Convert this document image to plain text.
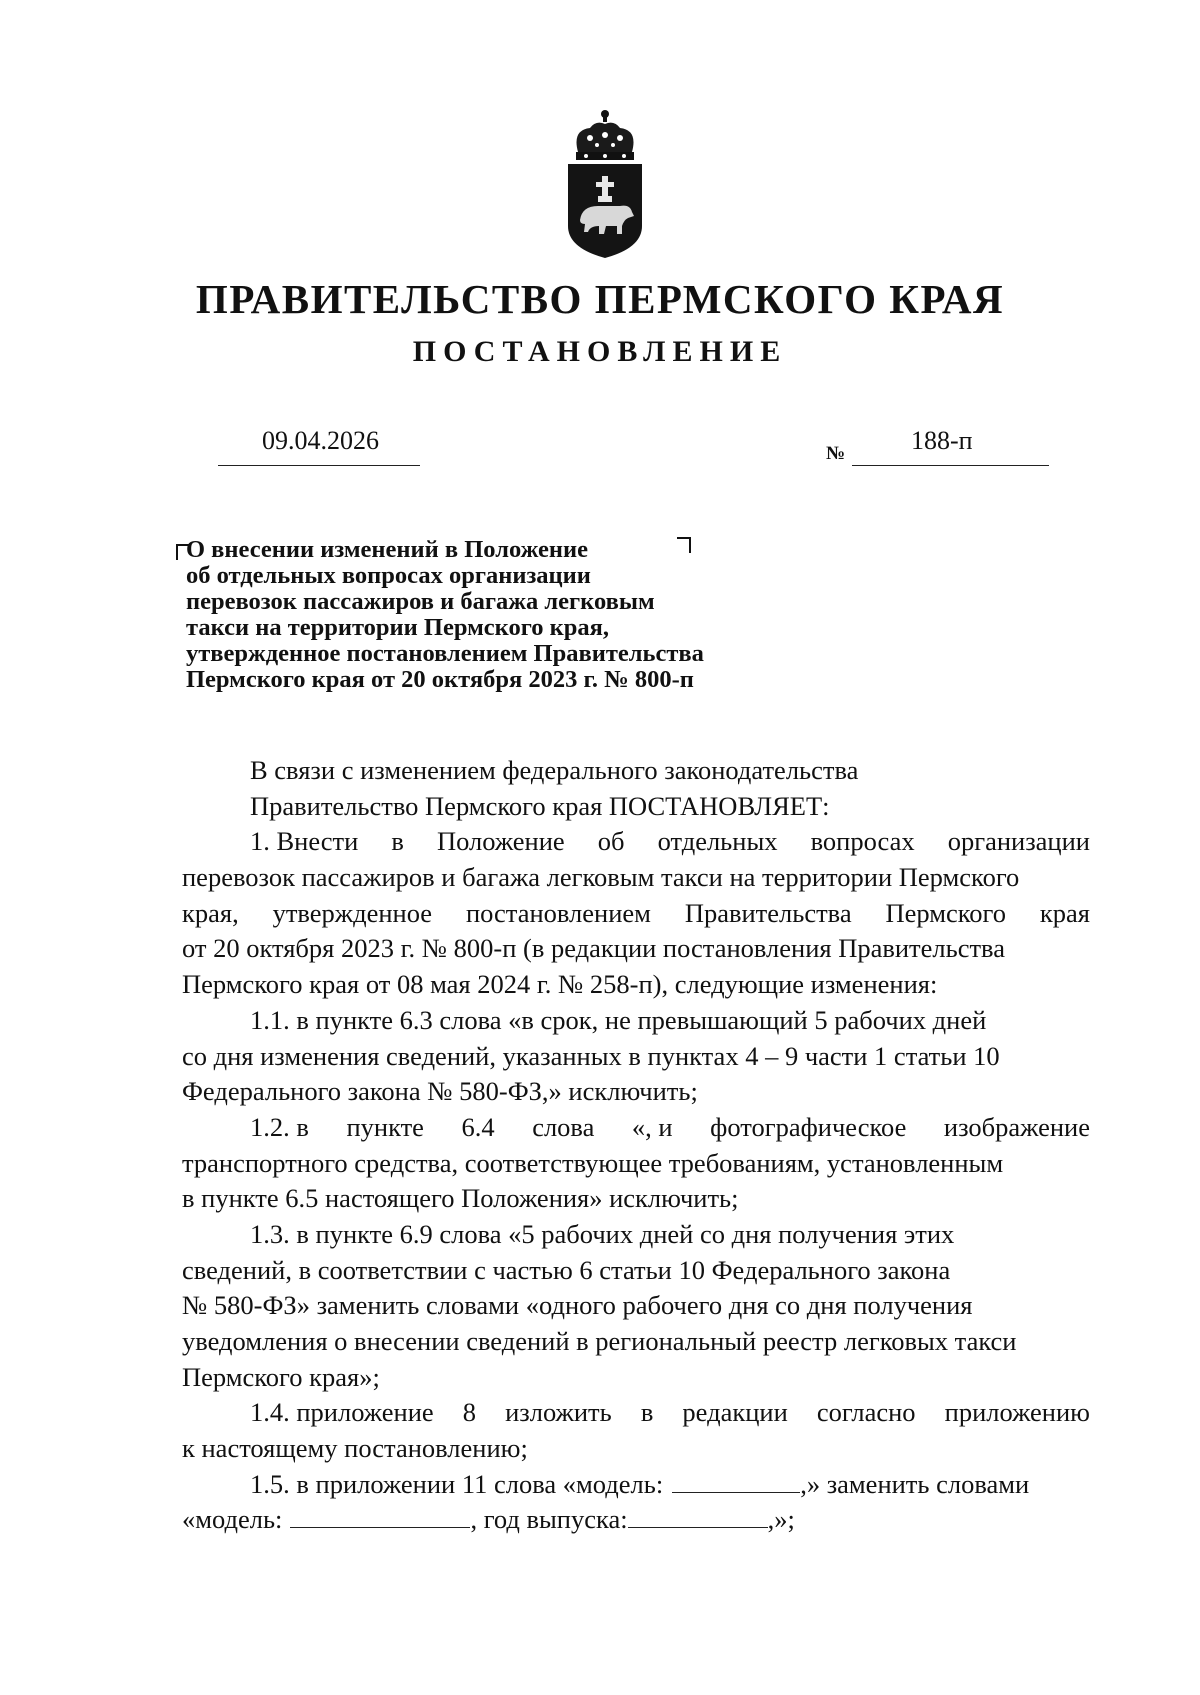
ПРАВИТЕЛЬСТВО ПЕРМСКОГО КРАЯ
ПОСТАНОВЛЕНИЕ
09.04.2026	№	188-п
О внесении изменений в Положение
об отдельных вопросах организации
перевозок пассажиров и багажа легковым
такси на территории Пермского края,
утвержденное постановлением Правительства
Пермского края от 20 октября 2023 г. № 800-п
В связи с изменением федерального законодательства
Правительство Пермского края ПОСТАНОВЛЯЕТ:
1. Внести в Положение об отдельных вопросах организации
перевозок пассажиров и багажа легковым такси на территории Пермского
края, утвержденное постановлением Правительства Пермского края
от 20 октября 2023 г. № 800-п (в редакции постановления Правительства
Пермского края от 08 мая 2024 г. № 258-п), следующие изменения:
1.1. в пункте 6.3 слова «в срок, не превышающий 5 рабочих дней
со дня изменения сведений, указанных в пунктах 4 – 9 части 1 статьи 10
Федерального закона № 580-ФЗ,» исключить;
1.2. в пункте 6.4 слова «, и фотографическое изображение
транспортного средства, соответствующее требованиям, установленным
в пункте 6.5 настоящего Положения» исключить;
1.3. в пункте 6.9 слова «5 рабочих дней со дня получения этих
сведений, в соответствии с частью 6 статьи 10 Федерального закона
№ 580-ФЗ» заменить словами «одного рабочего дня со дня получения
уведомления о внесении сведений в региональный реестр легковых такси
Пермского края»;
1.4. приложение 8 изложить в редакции согласно приложению
к настоящему постановлению;
1.5. в приложении 11 слова «модель:	,» заменить словами
«модель:	, год выпуска:	,»;
